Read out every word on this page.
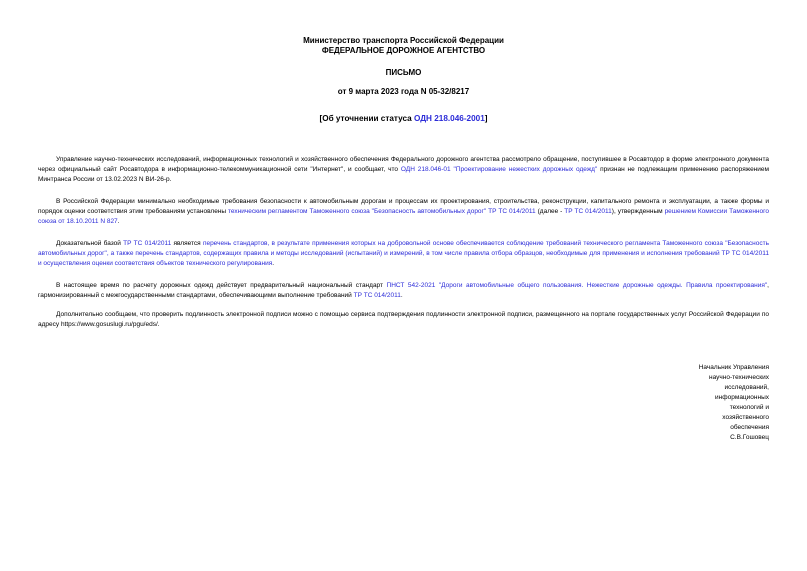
Министерство транспорта Российской Федерации
ФЕДЕРАЛЬНОЕ ДОРОЖНОЕ АГЕНТСТВО
ПИСЬМО
от 9 марта 2023 года N 05-32/8217
[Об уточнении статуса ОДН 218.046-2001]
Управление научно-технических исследований, информационных технологий и хозяйственного обеспечения Федерального дорожного агентства рассмотрело обращение, поступившее в Росавтодор в форме электронного документа через официальный сайт Росавтодора в информационно-телекоммуникационной сети "Интернет", и сообщает, что ОДН 218.046-01 "Проектирование нежестких дорожных одежд" признан не подлежащим применению распоряжением Минтранса России от 13.02.2023 N ВИ-26-р.
В Российской Федерации минимально необходимые требования безопасности к автомобильным дорогам и процессам их проектирования, строительства, реконструкции, капитального ремонта и эксплуатации, а также формы и порядок оценки соответствия этим требованиям установлены техническим регламентом Таможенного союза "Безопасность автомобильных дорог" ТР ТС 014/2011 (далее - ТР ТС 014/2011), утвержденным решением Комиссии Таможенного союза от 18.10.2011 N 827.
Доказательной базой ТР ТС 014/2011 является перечень стандартов, в результате применения которых на добровольной основе обеспечивается соблюдение требований технического регламента Таможенного союза "Безопасность автомобильных дорог", а также перечень стандартов, содержащих правила и методы исследований (испытаний) и измерений, в том числе правила отбора образцов, необходимые для применения и исполнения требований ТР ТС 014/2011 и осуществления оценки соответствия объектов технического регулирования.
В настоящее время по расчету дорожных одежд действует предварительный национальный стандарт ПНСТ 542-2021 "Дороги автомобильные общего пользования. Нежесткие дорожные одежды. Правила проектирования", гармонизированный с межгосударственными стандартами, обеспечивающими выполнение требований ТР ТС 014/2011.
Дополнительно сообщаем, что проверить подлинность электронной подписи можно с помощью сервиса подтверждения подлинности электронной подписи, размещенного на портале государственных услуг Российской Федерации по адресу https://www.gosuslugi.ru/pgu/eds/.
Начальник Управления
научно-технических
исследований,
информационных
технологий и
хозяйственного
обеспечения
С.В.Гошовец
